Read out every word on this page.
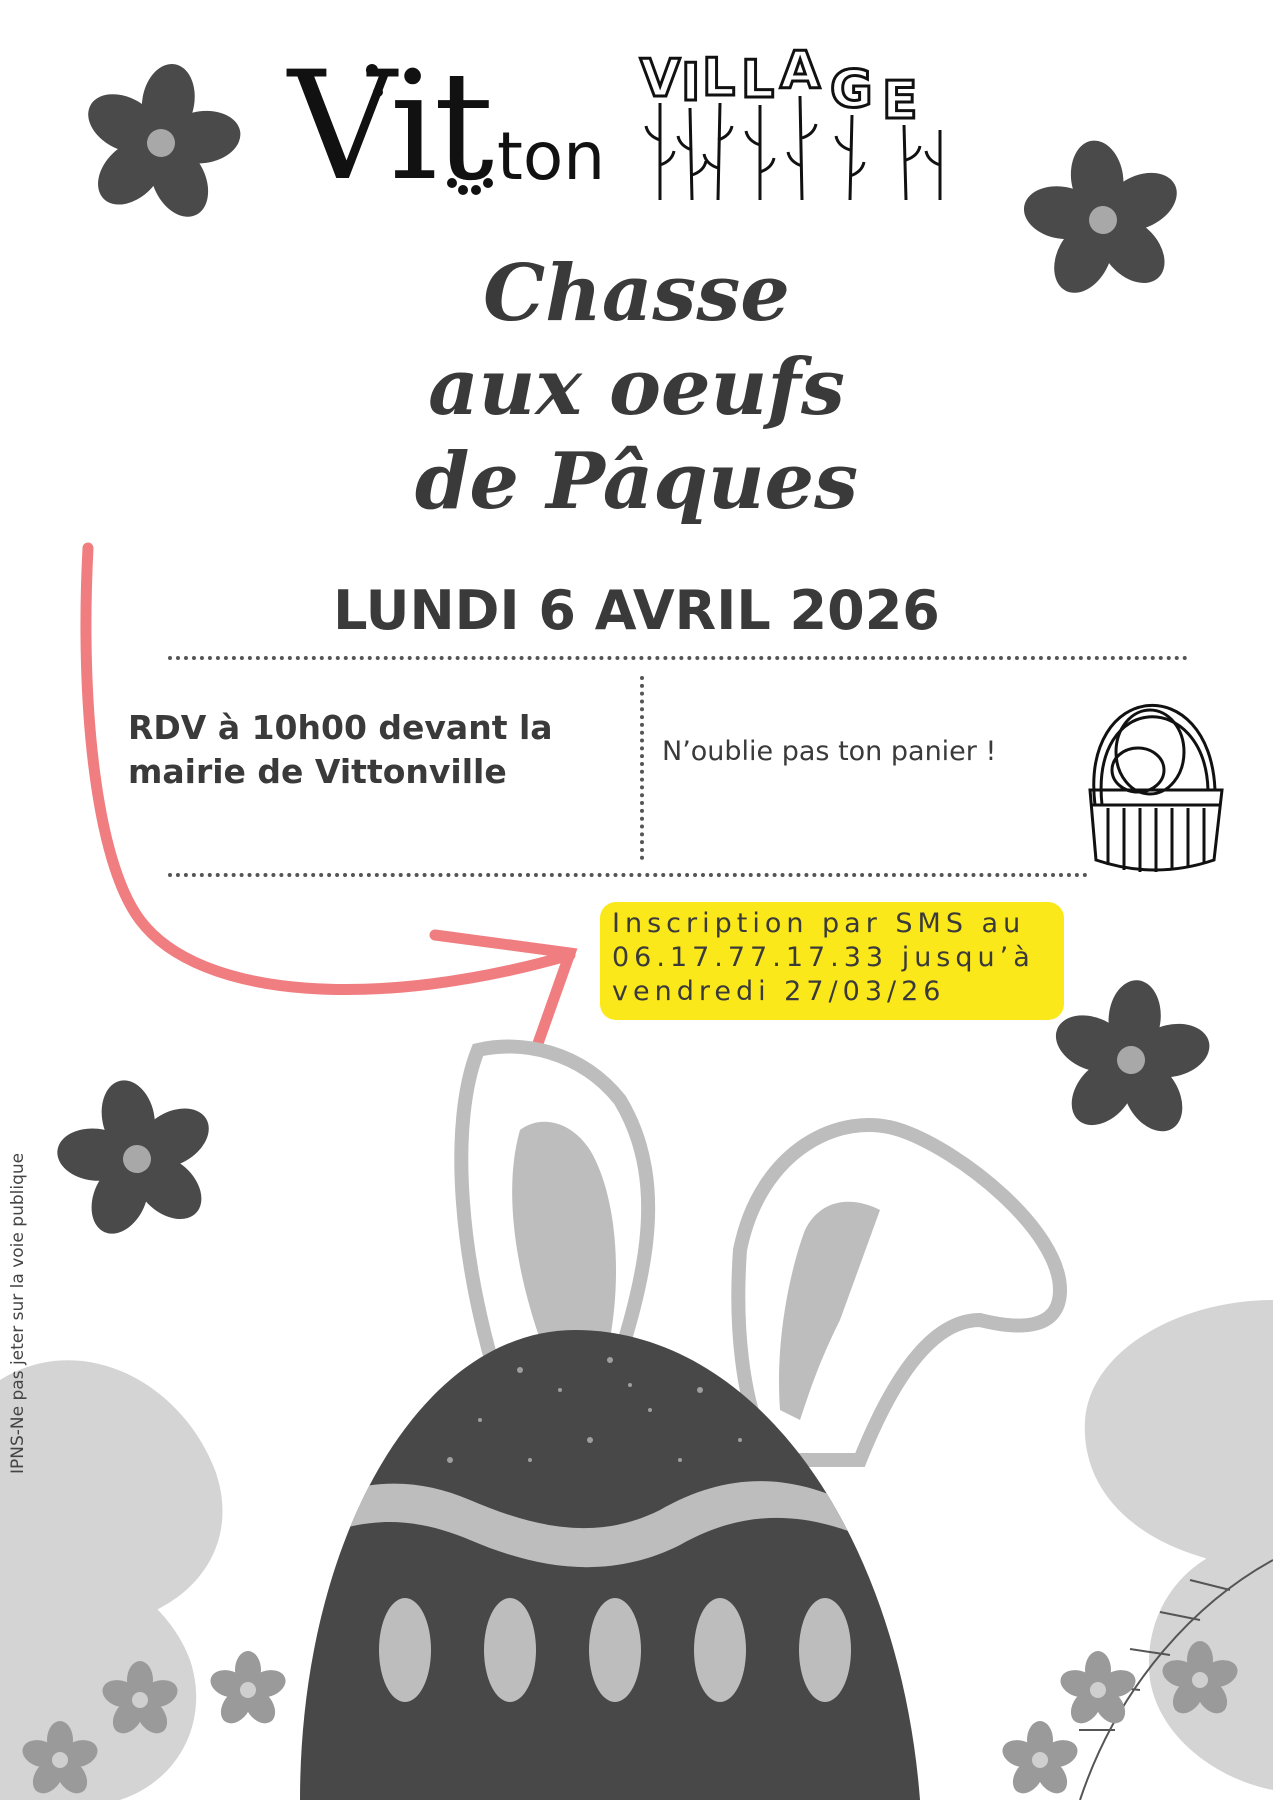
V I L L A G E
Vit ton
Chasse
aux oeufs
de Pâques
LUNDI 6 AVRIL 2026
RDV à 10h00 devant la
mairie de Vittonville
N’oublie pas ton panier !
Inscription par SMS au
06.17.77.17.33 jusqu’à
vendredi 27/03/26
IPNS-Ne pas jeter sur la voie publique
